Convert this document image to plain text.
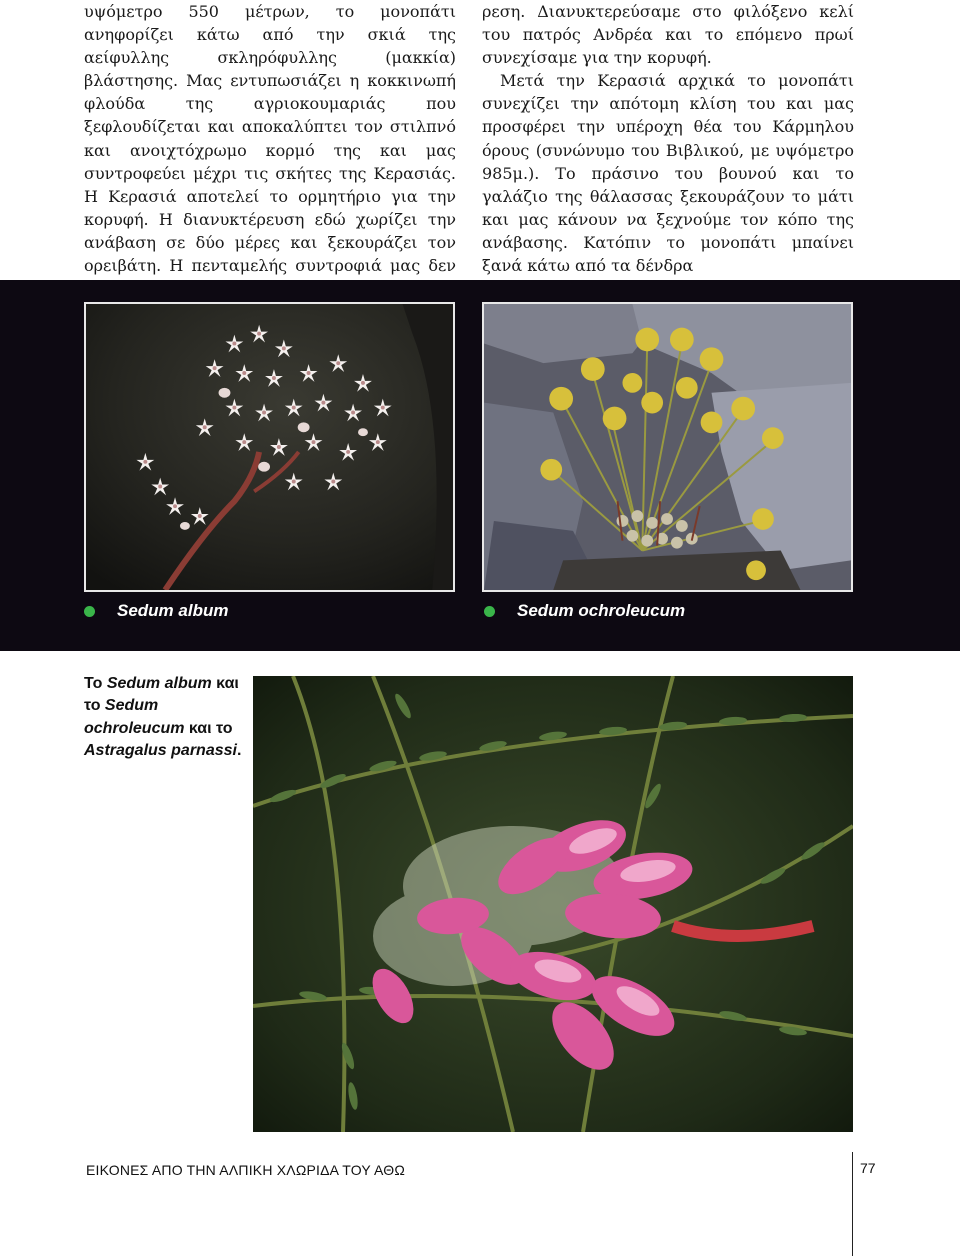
υψόμετρο 550 μέτρων, το μονοπάτι ανηφορίζει κάτω από την σκιά της αείφυλλης σκληρόφυλλης (μακκία) βλάστησης. Μας εντυπωσιάζει η κοκκινωπή φλούδα της αγριοκουμαριάς που ξεφλουδίζεται και αποκαλύπτει τον στιλπνό και ανοιχτόχρωμο κορμό της και μας συντροφεύει μέχρι τις σκήτες της Κερασιάς. Η Κερασιά αποτελεί το ορμητήριο για την κορυφή. Η διανυκτέρευση εδώ χωρίζει την ανάβαση σε δύο μέρες και ξεκουράζει τον ορειβάτη. Η πενταμελής συντροφιά μας δεν

ρεση. Διανυκτερεύσαμε στο φιλόξενο κελί του πατρός Ανδρέα και το επόμενο πρωί συνεχίσαμε για την κορυφή.

Μετά την Κερασιά αρχικά το μονοπάτι συνεχίζει την απότομη κλίση του και μας προσφέρει την υπέροχη θέα του Κάρμηλου όρους (συνώνυμο του Βιβλικού, με υψόμετρο 985μ.). Το πράσινο του βουνού και το γαλάζιο της θάλασσας ξεκουράζουν το μάτι και μας κάνουν να ξεχνούμε τον κόπο της ανάβασης. Κατόπιν το μονοπάτι μπαίνει ξανά κάτω από τα δένδρα

Sedum album	Sedum ochroleucum
Το Sedum album και το Sedum ochroleucum και το Astragalus parnassi.
ΕΙΚΟΝΕΣ ΑΠΟ ΤΗΝ ΑΛΠΙΚΗ ΧΛΩΡΙΔΑ ΤΟΥ ΑΘΩ	77
